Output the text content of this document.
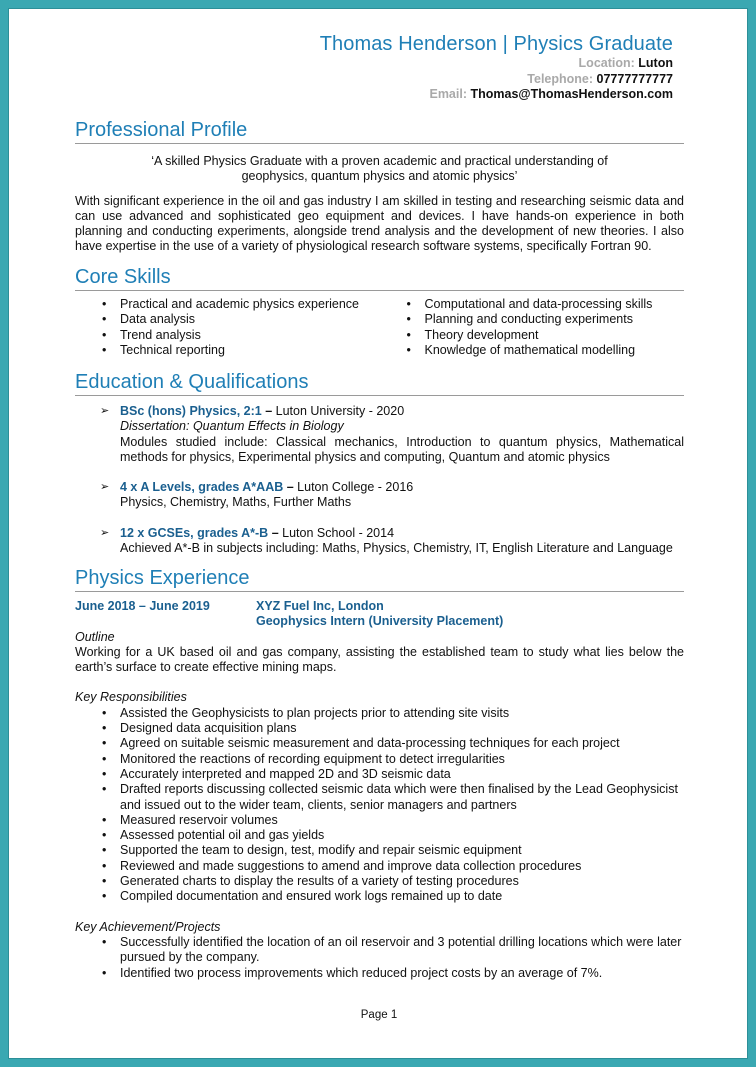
Thomas Henderson | Physics Graduate
Location: Luton
Telephone: 07777777777
Email: Thomas@ThomasHenderson.com
Professional Profile
‘A skilled Physics Graduate with a proven academic and practical understanding of geophysics, quantum physics and atomic physics’
With significant experience in the oil and gas industry I am skilled in testing and researching seismic data and can use advanced and sophisticated geo equipment and devices. I have hands-on experience in both planning and conducting experiments, alongside trend analysis and the development of new theories. I also have expertise in the use of a variety of physiological research software systems, specifically Fortran 90.
Core Skills
• Practical and academic physics experience
• Data analysis
• Trend analysis
• Technical reporting
• Computational and data-processing skills
• Planning and conducting experiments
• Theory development
• Knowledge of mathematical modelling
Education & Qualifications
➢ BSc (hons) Physics, 2:1 – Luton University - 2020
Dissertation: Quantum Effects in Biology
Modules studied include: Classical mechanics, Introduction to quantum physics, Mathematical methods for physics, Experimental physics and computing, Quantum and atomic physics
➢ 4 x A Levels, grades A*AAB – Luton College - 2016
Physics, Chemistry, Maths, Further Maths
➢ 12 x GCSEs, grades A*-B – Luton School - 2014
Achieved A*-B in subjects including: Maths, Physics, Chemistry, IT, English Literature and Language
Physics Experience
June 2018 – June 2019	XYZ Fuel Inc, London
Geophysics Intern (University Placement)
Outline
Working for a UK based oil and gas company, assisting the established team to study what lies below the earth’s surface to create effective mining maps.
Key Responsibilities
• Assisted the Geophysicists to plan projects prior to attending site visits
• Designed data acquisition plans
• Agreed on suitable seismic measurement and data-processing techniques for each project
• Monitored the reactions of recording equipment to detect irregularities
• Accurately interpreted and mapped 2D and 3D seismic data
• Drafted reports discussing collected seismic data which were then finalised by the Lead Geophysicist and issued out to the wider team, clients, senior managers and partners
• Measured reservoir volumes
• Assessed potential oil and gas yields
• Supported the team to design, test, modify and repair seismic equipment
• Reviewed and made suggestions to amend and improve data collection procedures
• Generated charts to display the results of a variety of testing procedures
• Compiled documentation and ensured work logs remained up to date
Key Achievement/Projects
• Successfully identified the location of an oil reservoir and 3 potential drilling locations which were later pursued by the company.
• Identified two process improvements which reduced project costs by an average of 7%.
Page 1
